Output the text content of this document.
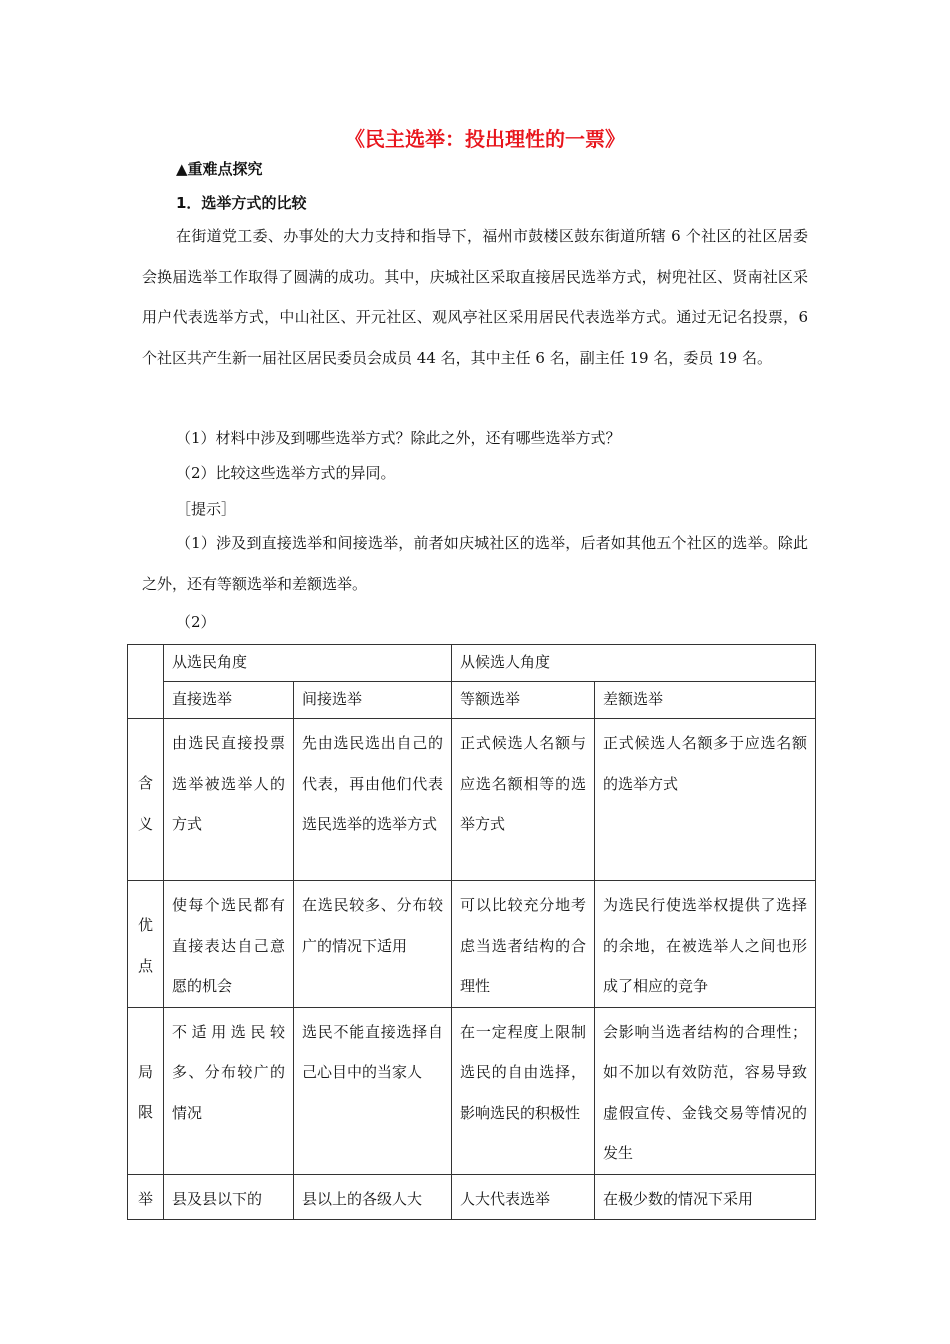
《民主选举：投出理性的一票》
▲重难点探究
1．选举方式的比较
在街道党工委、办事处的大力支持和指导下，福州市鼓楼区鼓东街道所辖 6 个社区的社区居委会换届选举工作取得了圆满的成功。其中，庆城社区采取直接居民选举方式，树兜社区、贤南社区采用户代表选举方式，中山社区、开元社区、观风亭社区采用居民代表选举方式。通过无记名投票，6 个社区共产生新一届社区居民委员会成员 44 名，其中主任 6 名，副主任 19 名，委员 19 名。
（1）材料中涉及到哪些选举方式？除此之外，还有哪些选举方式？
（2）比较这些选举方式的异同。
［提示］
（1）涉及到直接选举和间接选举，前者如庆城社区的选举，后者如其他五个社区的选举。除此之外，还有等额选举和差额选举。
（2）
	从选民角度		从候选人角度	
	直接选举	间接选举	等额选举	差额选举

含义	由选民直接投票选举被选举人的方式	先由选民选出自己的代表，再由他们代表选民选举的选举方式	正式候选人名额与应选名额相等的选举方式	正式候选人名额多于应选名额的选举方式

优点	使每个选民都有直接表达自己意愿的机会	在选民较多、分布较广的情况下适用	可以比较充分地考虑当选者结构的合理性	为选民行使选举权提供了选择的余地，在被选举人之间也形成了相应的竞争

局限	不适用选民较多、分布较广的情况	选民不能直接选择自己心目中的当家人	在一定程度上限制选民的自由选择，影响选民的积极性	会影响当选者结构的合理性；如不加以有效防范，容易导致虚假宣传、金钱交易等情况的发生

举	县及县以下的	县以上的各级人大	人大代表选举	在极少数的情况下采用
